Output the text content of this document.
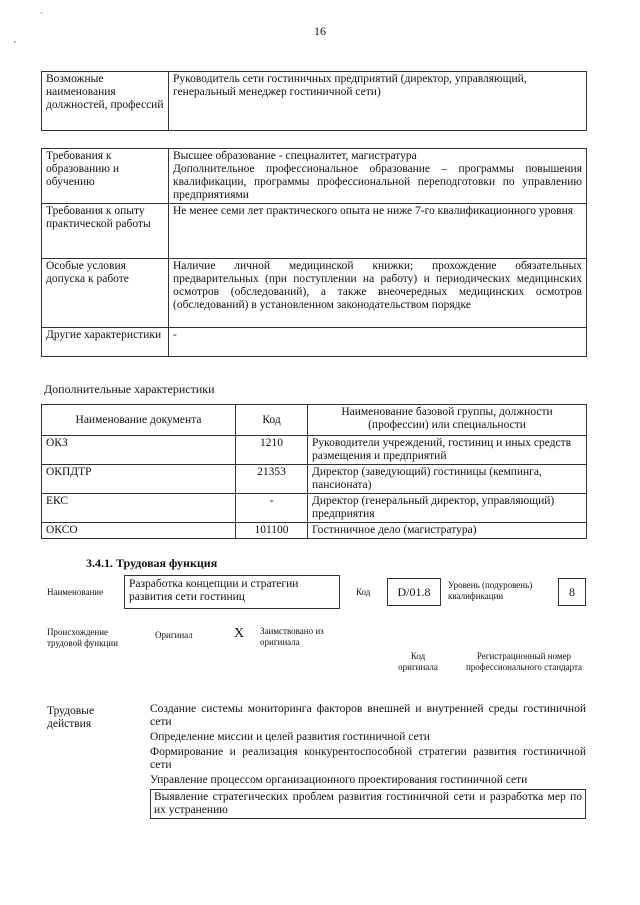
16
`
'
Возможные наименования должностей, профессий	Руководитель сети гостиничных предприятий (директор, управляющий, генеральный менеджер гостиничной сети)
Требования к образованию и обучению	Высшее образование - специалитет, магистратура
Дополнительное профессиональное образование – программы повышения квалификации, программы профессиональной переподготовки по управлению предприятиями

Требования к опыту практической работы	Не менее семи лет практического опыта не ниже 7-го квалификационного уровня
Особые условия допуска к работе	Наличие личной медицинской книжки; прохождение обязательных предварительных (при поступлении на работу) и периодических медицинских осмотров (обследований), а также внеочередных медицинских осмотров (обследований) в установленном законодательством порядке
Другие характеристики	-
Дополнительные характеристики
Наименование документа	Код	Наименование базовой группы, должности (профессии) или специальности
ОКЗ	1210	Руководители учреждений, гостиниц и иных средств размещения и предприятий
ОКПДТР	21353	Директор (заведующий) гостиницы (кемпинга, пансионата)
ЕКС	-	Директор (генеральный директор, управляющий) предприятия
ОКСО	101100	Гостиничное дело (магистратура)
3.4.1. Трудовая функция
Наименование
Разработка концепции и стратегии развития сети гостиниц	Код	D/01.8	Уровень (подуровень) квалификации	8
Происхождение трудовой функции
Оригинал	X Заимствовано из оригинала
Код оригинала
Регистрационный номер профессионального стандарта
Трудовые действия
Создание системы мониторинга факторов внешней и внутренней среды гостиничной сети
Определение миссии и целей развития гостиничной сети
Формирование и реализация конкурентоспособной стратегии развития гостиничной сети
Управление процессом организационного проектирования гостиничной сети
Выявление стратегических проблем развития гостиничной сети и разработка мер по их устранению
